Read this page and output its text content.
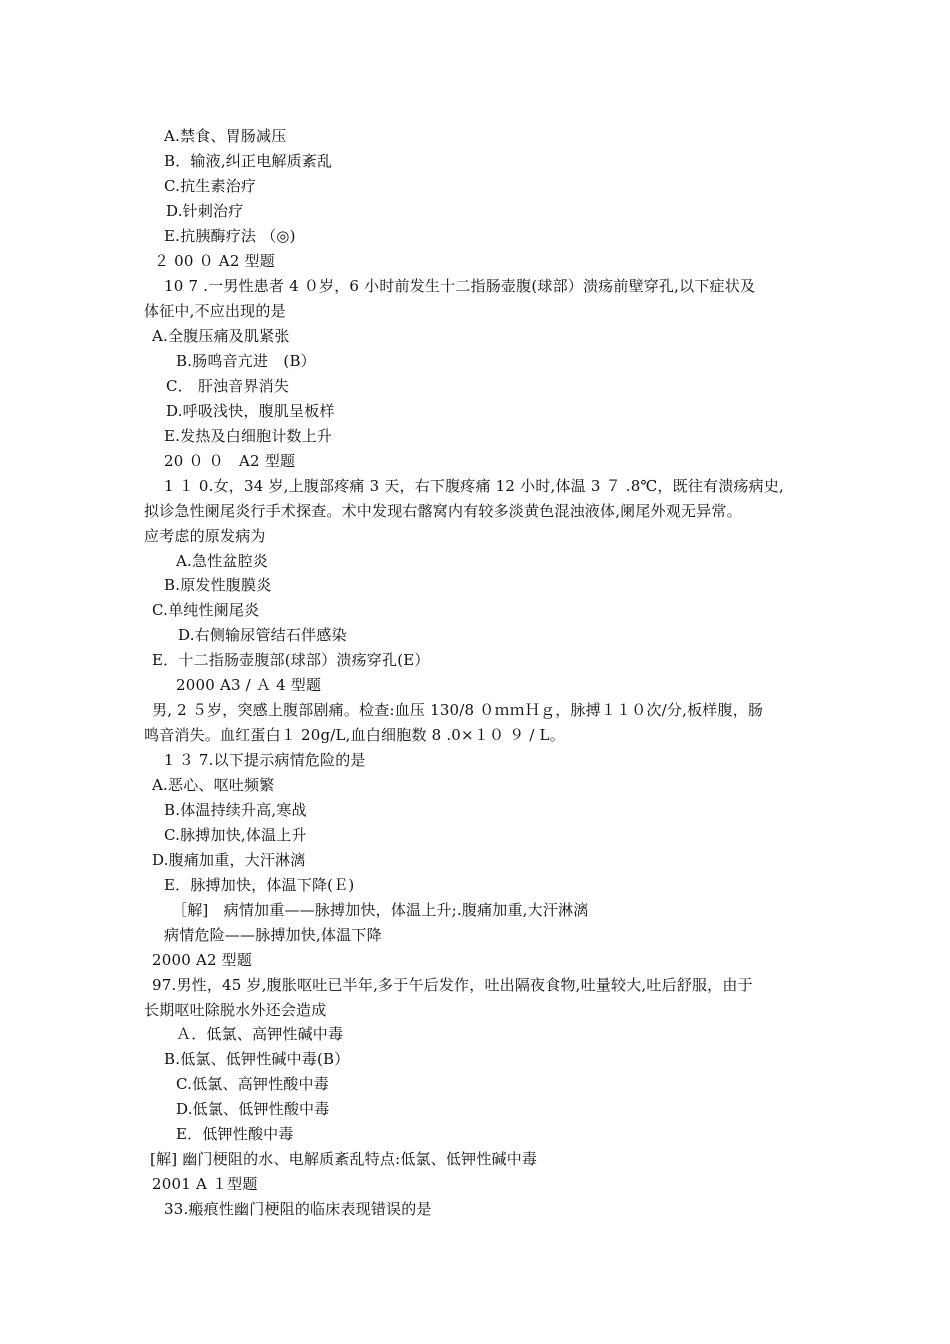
A.禁食、胃肠减压
B．输液,纠正电解质紊乱
C.抗生素治疗
D.针刺治疗
E.抗胰酶疗法 （◎)
２ 00 ０ A2 型题
10 7 .一男性患者 4 ０岁，6 小时前发生十二指肠壶腹(球部）溃疡前壁穿孔,以下症状及
体征中,不应出现的是
A.全腹压痛及肌紧张
B.肠鸣音亢进　(B）
C． 肝浊音界消失
D.呼吸浅快，腹肌呈板样
E.发热及白细胞计数上升
20 ０ ０　A2 型题
1 １ 0.女，34 岁,上腹部疼痛 3 天，右下腹疼痛 12 小时,体温 3 ７ .8℃，既往有溃疡病史,
拟诊急性阑尾炎行手术探查。术中发现右髂窝内有较多淡黄色混浊液体,阑尾外观无异常。
应考虑的原发病为
A.急性盆腔炎
B.原发性腹膜炎
C.单纯性阑尾炎
D.右侧输尿管结石伴感染
E．十二指肠壶腹部(球部）溃疡穿孔(E）
2000 A3 / Ａ 4 型题
男, 2 ５岁，突感上腹部剧痛。检查:血压 130/8 ０ｍｍＨｇ，脉搏１１０次/分,板样腹，肠
鸣音消失。血红蛋白１ 20g/L,血白细胞数 8 .0×１０ ９ / L。
1 ３ 7.以下提示病情危险的是
A.恶心、呕吐频繁
B.体温持续升高,寒战
C.脉搏加快,体温上升
D.腹痛加重，大汗淋漓
E．脉搏加快，体温下降(Ｅ)
［解]　病情加重——脉搏加快，体温上升;.腹痛加重,大汗淋漓
病情危险——脉搏加快,体温下降
2000 A2 型题
97.男性，45 岁,腹胀呕吐已半年,多于午后发作，吐出隔夜食物,吐量较大,吐后舒服，由于
长期呕吐除脱水外还会造成
Ａ．低氯、高钾性碱中毒
B.低氯、低钾性碱中毒(B）
C.低氯、高钾性酸中毒
D.低氯、低钾性酸中毒
E．低钾性酸中毒
[解] 幽门梗阻的水、电解质紊乱特点:低氯、低钾性碱中毒
2001 A １型题
33.瘢痕性幽门梗阻的临床表现错误的是
